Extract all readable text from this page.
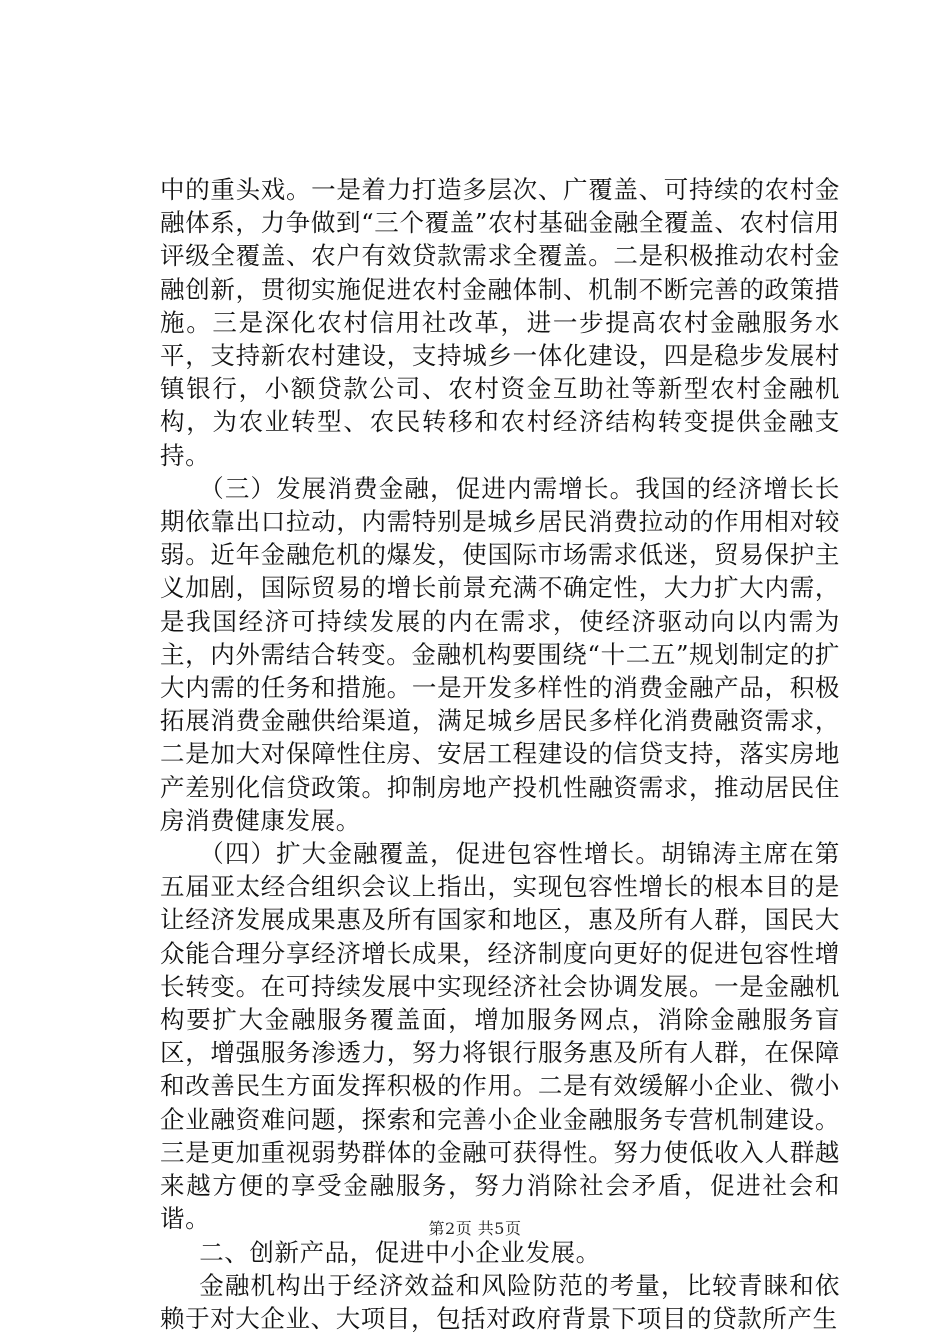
中的重头戏。一是着力打造多层次、广覆盖、可持续的农村金融体系，力争做到“三个覆盖”农村基础金融全覆盖、农村信用评级全覆盖、农户有效贷款需求全覆盖。二是积极推动农村金融创新，贯彻实施促进农村金融体制、机制不断完善的政策措施。三是深化农村信用社改革，进一步提高农村金融服务水平，支持新农村建设，支持城乡一体化建设，四是稳步发展村镇银行，小额贷款公司、农村资金互助社等新型农村金融机构，为农业转型、农民转移和农村经济结构转变提供金融支持。

（三）发展消费金融，促进内需增长。我国的经济增长长期依靠出口拉动，内需特别是城乡居民消费拉动的作用相对较弱。近年金融危机的爆发，使国际市场需求低迷，贸易保护主义加剧，国际贸易的增长前景充满不确定性，大力扩大内需，是我国经济可持续发展的内在需求，使经济驱动向以内需为主，内外需结合转变。金融机构要围绕“十二五”规划制定的扩大内需的任务和措施。一是开发多样性的消费金融产品，积极拓展消费金融供给渠道，满足城乡居民多样化消费融资需求，二是加大对保障性住房、安居工程建设的信贷支持，落实房地产差别化信贷政策。抑制房地产投机性融资需求，推动居民住房消费健康发展。

（四）扩大金融覆盖，促进包容性增长。胡锦涛主席在第五届亚太经合组织会议上指出，实现包容性增长的根本目的是让经济发展成果惠及所有国家和地区，惠及所有人群，国民大众能合理分享经济增长成果，经济制度向更好的促进包容性增长转变。在可持续发展中实现经济社会协调发展。一是金融机构要扩大金融服务覆盖面，增加服务网点，消除金融服务盲区，增强服务渗透力，努力将银行服务惠及所有人群，在保障和改善民生方面发挥积极的作用。二是有效缓解小企业、微小企业融资难问题，探索和完善小企业金融服务专营机制建设。三是更加重视弱势群体的金融可获得性。努力使低收入人群越来越方便的享受金融服务，努力消除社会矛盾，促进社会和谐。

二、创新产品，促进中小企业发展。

金融机构出于经济效益和风险防范的考量，比较青睐和依赖于对大企业、大项目，包括对政府背景下项目的贷款所产生

第2页 共5页
